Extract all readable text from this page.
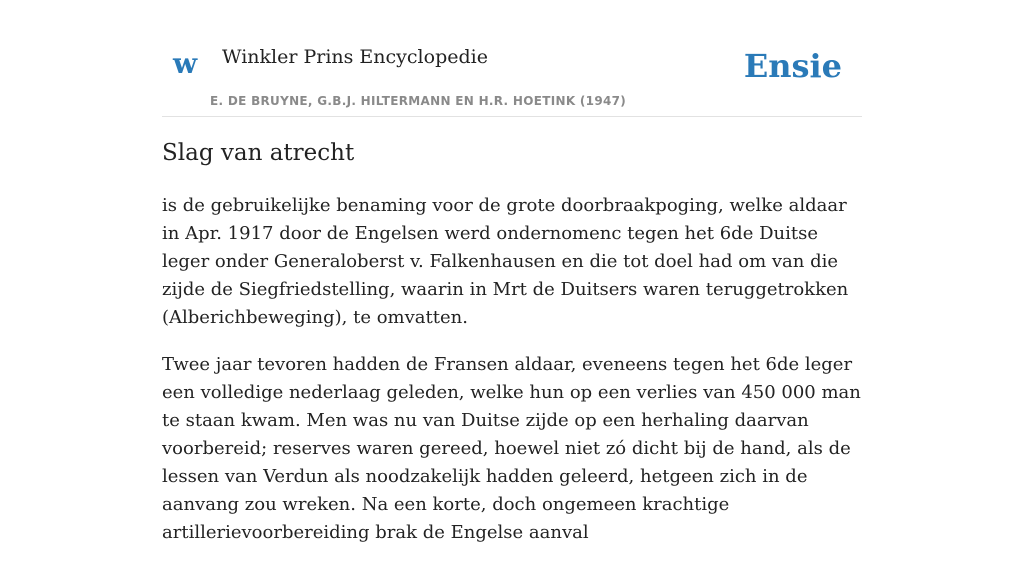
w Winkler Prins Encyclopedie
E. DE BRUYNE, G.B.J. HILTERMANN EN H.R. HOETINK (1947)
Ensie
Slag van atrecht

is de gebruikelijke benaming voor de grote doorbraakpoging, welke aldaar in Apr. 1917 door de Engelsen werd ondernomenc tegen het 6de Duitse leger onder Generaloberst v. Falkenhausen en die tot doel had om van die zijde de Siegfriedstelling, waarin in Mrt de Duitsers waren teruggetrokken (Alberichbeweging), te omvatten.

Twee jaar tevoren hadden de Fransen aldaar, eveneens tegen het 6de leger een volledige nederlaag geleden, welke hun op een verlies van 450 000 man te staan kwam. Men was nu van Duitse zijde op een herhaling daarvan voorbereid; reserves waren gereed, hoewel niet zó dicht bij de hand, als de lessen van Verdun als noodzakelijk hadden geleerd, hetgeen zich in de aanvang zou wreken. Na een korte, doch ongemeen krachtige artillerievoorbereiding brak de Engelse aanval
